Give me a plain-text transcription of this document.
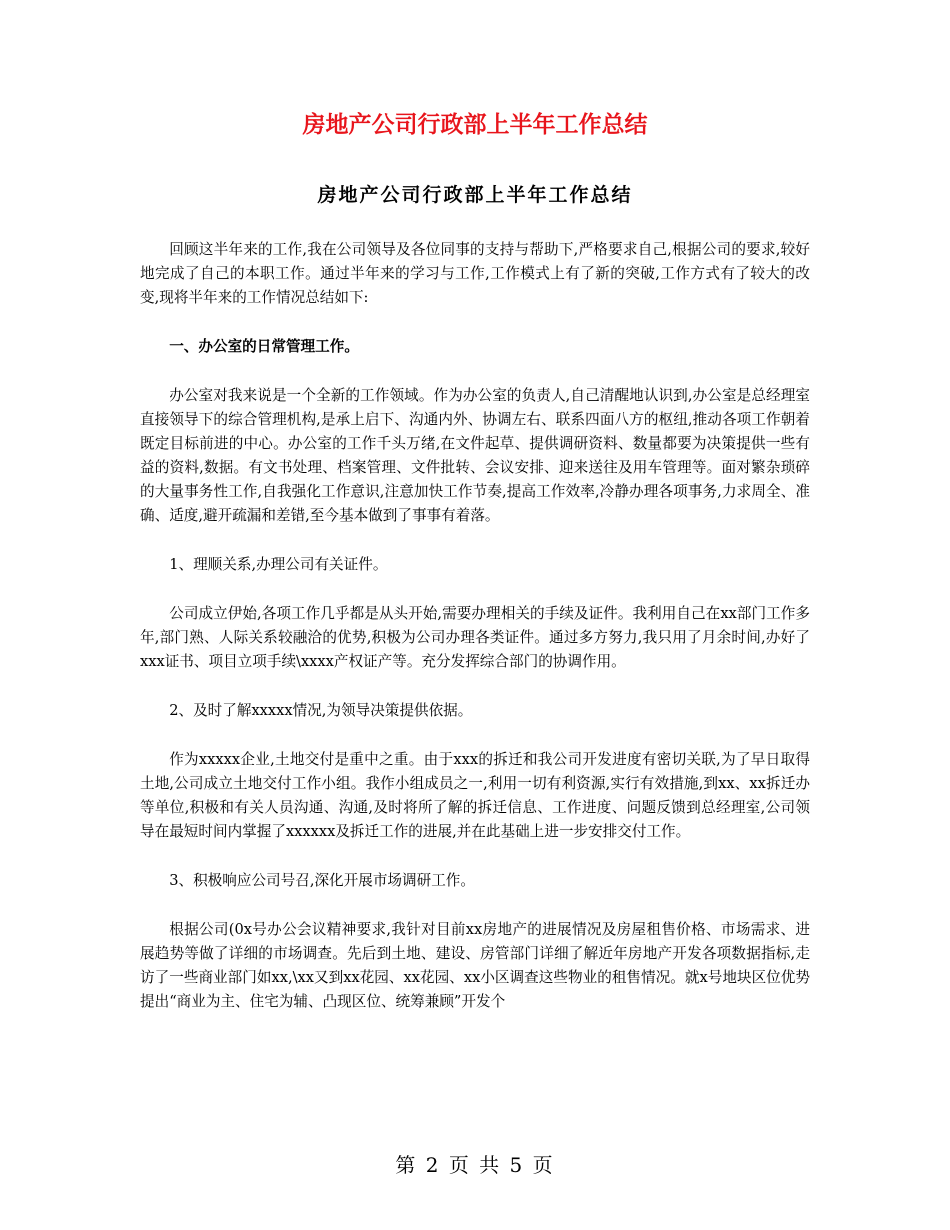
房地产公司行政部上半年工作总结
房地产公司行政部上半年工作总结

回顾这半年来的工作,我在公司领导及各位同事的支持与帮助下,严格要求自己,根据公司的要求,较好地完成了自己的本职工作。通过半年来的学习与工作,工作模式上有了新的突破,工作方式有了较大的改变,现将半年来的工作情况总结如下:

一、办公室的日常管理工作。

办公室对我来说是一个全新的工作领域。作为办公室的负责人,自己清醒地认识到,办公室是总经理室直接领导下的综合管理机构,是承上启下、沟通内外、协调左右、联系四面八方的枢纽,推动各项工作朝着既定目标前进的中心。办公室的工作千头万绪,在文件起草、提供调研资料、数量都要为决策提供一些有益的资料,数据。有文书处理、档案管理、文件批转、会议安排、迎来送往及用车管理等。面对繁杂琐碎的大量事务性工作,自我强化工作意识,注意加快工作节奏,提高工作效率,冷静办理各项事务,力求周全、准确、适度,避开疏漏和差错,至今基本做到了事事有着落。

1、理顺关系,办理公司有关证件。

公司成立伊始,各项工作几乎都是从头开始,需要办理相关的手续及证件。我利用自己在xx部门工作多年,部门熟、人际关系较融洽的优势,积极为公司办理各类证件。通过多方努力,我只用了月余时间,办好了xxx证书、项目立项手续\xxxx产权证产等。充分发挥综合部门的协调作用。

2、及时了解xxxxx情况,为领导决策提供依据。

作为xxxxx企业,土地交付是重中之重。由于xxx的拆迁和我公司开发进度有密切关联,为了早日取得土地,公司成立土地交付工作小组。我作小组成员之一,利用一切有利资源,实行有效措施,到xx、xx拆迁办等单位,积极和有关人员沟通、沟通,及时将所了解的拆迁信息、工作进度、问题反馈到总经理室,公司领导在最短时间内掌握了xxxxxx及拆迁工作的进展,并在此基础上进一步安排交付工作。

3、积极响应公司号召,深化开展市场调研工作。

根据公司(0x号办公会议精神要求,我针对目前xx房地产的进展情况及房屋租售价格、市场需求、进展趋势等做了详细的市场调查。先后到土地、建设、房管部门详细了解近年房地产开发各项数据指标,走访了一些商业部门如xx,\xx又到xx花园、xx花园、xx小区调查这些物业的租售情况。就x号地块区位优势提出“商业为主、住宅为辅、凸现区位、统筹兼顾”开发个

第 2 页 共 5 页
